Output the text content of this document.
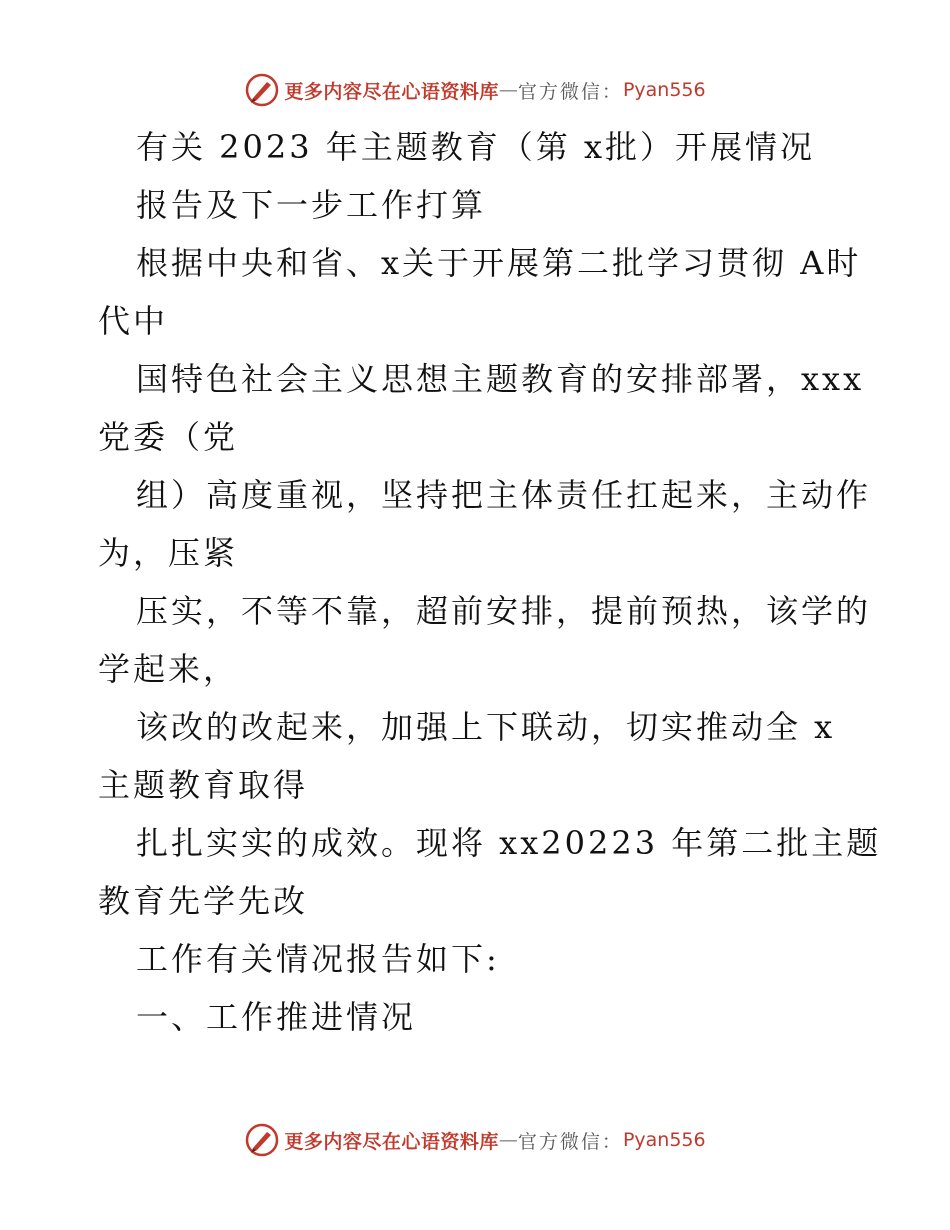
更多内容尽在心语资料库 — 官方微信： Pyan556
有关 2023 年主题教育（第 x批）开展情况
报告及下一步工作打算
根据中央和省、x关于开展第二批学习贯彻 A时
代中
国特色社会主义思想主题教育的安排部署，xxx
党委（党
组）高度重视，坚持把主体责任扛起来，主动作
为，压紧
压实，不等不靠，超前安排，提前预热，该学的
学起来，
该改的改起来，加强上下联动，切实推动全 x
主题教育取得
扎扎实实的成效。现将 xx20223 年第二批主题
教育先学先改
工作有关情况报告如下:
一、工作推进情况
更多内容尽在心语资料库 — 官方微信： Pyan556
